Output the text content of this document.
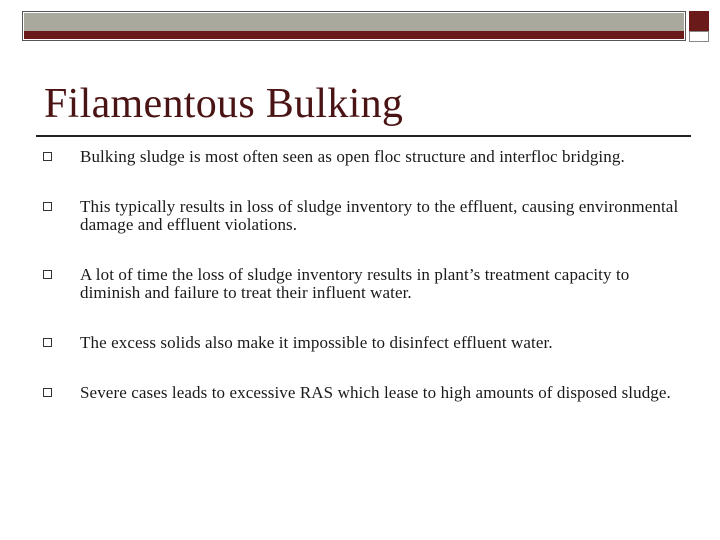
Filamentous Bulking
Bulking sludge is most often seen as open floc structure and interfloc bridging.
This typically results in loss of sludge inventory to the effluent, causing environmental damage and effluent violations.
A lot of time the loss of sludge inventory results in plant’s treatment capacity to diminish and failure to treat their influent water.
The excess solids also make it impossible to disinfect effluent water.
Severe cases leads to excessive RAS which lease to high amounts of disposed sludge.
